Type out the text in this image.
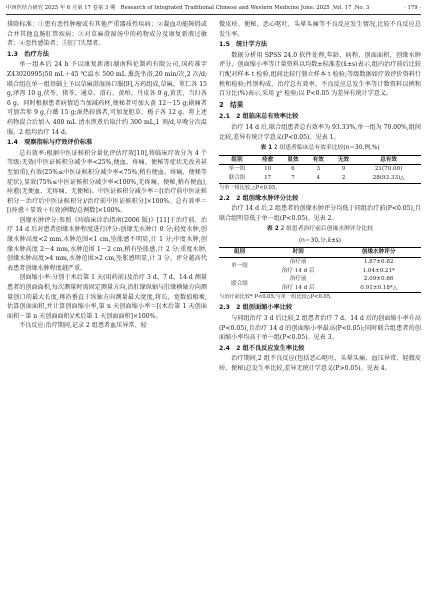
中西医结合研究 2025 年 6 月第 17 卷第 3 期　Research of Integrated Traditional Chinese and Western Medicine June. 2025 ,Vol. 17 ,No. 3	· 179 ·

排除标准：①患有恶性肿瘤或有其他严重器质性疾病；②凝血功能障碍或合并其他直肠肛管疾病；③对草麻澄湿汤中的药物成分及康复新液过敏者；④恶性感染者；⑤肛门失禁者。

1.3　治疗方法

单一组本后 24 h 予以康复新液(湖南科伦制药有限公司,国药准字 Z43020995)50 mL＋45 ℃温水 500 mL 熏洗坐浴,20 min/次,2 次/d;联合组在单一组基础上予以草麻澄湿汤口服[9],方药组成,草麻、萆仁各 15 g,泽泻 10 g,茯苓、猪苓、通草、滑石、黄柏、丹皮各 9 g,黄芪、当归各 6 g。同时根据患者病情适当加减药材,便秘者可加大黄 12～15 g;剧痛者可加苦参 9 g,白薇 15 g;湿热较盛者,可加龙胆草、栀子各 12 g。将上述药物混合后加入 400 mL 清水煎煮后取汁约 300 mL,1 剂/d,早晚分次温服。2 组均治疗 14 d。

1.4　观察指标与疗效评价标准

总有效率:根据中医证候积分量化评估疗效[10],将临床疗效分为 4 个等级:无效(中医证候积分减少率<25%,便血、疼痛、便秘等症状无改善甚至加重),有效(25%≤中医证候积分减少率<75%,稍有便血、疼痛、便秘等症状),显效(75%≤中医证候积分减少率<100%,无疼痛、便秘,稍有便血),痊愈(无便血、无疼痛、无便秘)。中医证候积分减少率＝[(治疗前中医证候积分－治疗后中医证候积分)/治疗前中医证候积分]×100%。总有效率＝[(痊愈＋显效＋有效)例数/总例数]×100%。

创缘水肿评分:参照《痔临床诊治指南(2006 版)》[11]于治疗前、治疗 14 d 后对患者创缘水肿程度进行评分:创缘无水肿计 0 分;轻度水肿,创缘水肿高度<2 mm,水肿范围<1 cm,坠胀感不明显,计 1 分;中度水肿,创缘水肿高度 2～4 mm,水肿范围 1～2 cm,稍有坠胀感,计 2 分;重度水肿,创缘水肿高度>4 mm,水肿范围>2 cm,坠胀感明显,计 3 分。评分越高代表患者创缘水肿程度越严重。

创面缩小率:分别于术后第 1 天(用药前)及治疗 3 d、7 d、14 d 测量患者的创面面积,每次测量时需固定测量方向,沿肛缘纵轴与肛缘横轴方向测量创口的最大长度,再沿垂直于纵轴方向测量最大宽度,将长、宽数值相乘,估算创面面积,并计算创面缩小率,第 n 天创面缩小率＝[(术后第 1 天创面面积－第 n 天创面面积)/术后第 1 天创面面积]×100%。

不良反应:治疗期间,记录 2 组患者血压异常、轻

微皮疹、便秘、恶心呕吐、头晕头痛等不良反应发生情况,比较不良反应总发生率。

1.5　统计学方法

数据分析用 SPSS 24.0 软件处理,年龄、病程、创面面积、创缘水肿评分、创面缩小率等计量资料以均数±标准差(x̄±s)表示,组内治疗前后比较行配对样本 t 检验,组间比较行独立样本 t 检验;等级数据如疗效评价资料行秩和检验;性别构成、治疗总有效率、不良反应总发生率等计数资料以例和百分比(%)表示,采用 χ² 检验;以 P<0.05 为差异有统计学意义。

2　结果
2.1　2 组临床总有效率比较

治疗 14 d 后,联合组患者总有效率为 93.33%,单一组为 70.00%,组间比较,差异有统计学意义(P<0.05)。见表 1。

表 1 2 组患者临床总有效率比较(n＝30,例,%)
组别	痊愈	显效	有效	无效	总有效
单一组	10	6	3	9	21(70.00)
联合组	17	7	4	2	28(93.33)△
与单一组比较,△P<0.05。
2.2　2 组创缘水肿评分比较

治疗 14 d 后,2 组患者的创缘水肿评分均低于同组治疗前(P<0.05),且联合组明显低于单一组(P<0.05)。见表 2。

表 2 2 组患者治疗前后创缘水肿评分比较
(n＝30,分,x̄±s)
组别	时间	创缘水肿评分
单一组	治疗前	1.87±0.82
	治疗 14 d 后	1.04±0.21*
联合组	治疗前	2.09±0.86
	治疗 14 d 后	0.91±0.18*△
与治疗前比较* P<0.05;与单一组比较△P<0.05。
2.3　2 组创面缩小率比较

与同组治疗 3 d 后比较,2 组患者治疗 7 d、14 d 后的创面缩小率升高(P<0.05),且治疗 14 d 的创面缩小率最高(P<0.05);同时联合组患者的创面缩小率均高于单一组(P<0.05)。见表 3。

2.4　2 组不良反应发生率比较

治疗期间,2 组不良反应(包括恶心呕吐、头晕头痛、血压异常、轻微皮疹、便秘)总发生率比较,差异无统计学意义(P>0.05)。见表 4。
